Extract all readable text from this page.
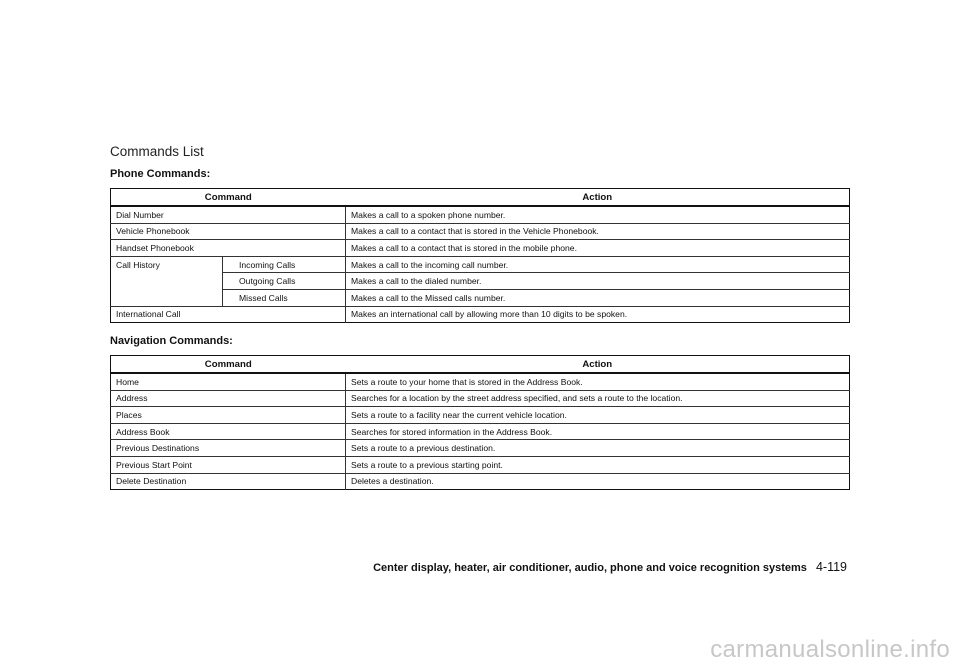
Commands List
Phone Commands:
Command		Action
Dial Number		Makes a call to a spoken phone number.
Vehicle Phonebook		Makes a call to a contact that is stored in the Vehicle Phonebook.
Handset Phonebook		Makes a call to a contact that is stored in the mobile phone.
Call History	Incoming Calls	Makes a call to the incoming call number.
	Outgoing Calls	Makes a call to the dialed number.
	Missed Calls	Makes a call to the Missed calls number.
International Call		Makes an international call by allowing more than 10 digits to be spoken.
Navigation Commands:
Command	Action
Home	Sets a route to your home that is stored in the Address Book.
Address	Searches for a location by the street address specified, and sets a route to the location.
Places	Sets a route to a facility near the current vehicle location.
Address Book	Searches for stored information in the Address Book.
Previous Destinations	Sets a route to a previous destination.
Previous Start Point	Sets a route to a previous starting point.
Delete Destination	Deletes a destination.
Center display, heater, air conditioner, audio, phone and voice recognition systems 4-119
carmanualsonline.info
